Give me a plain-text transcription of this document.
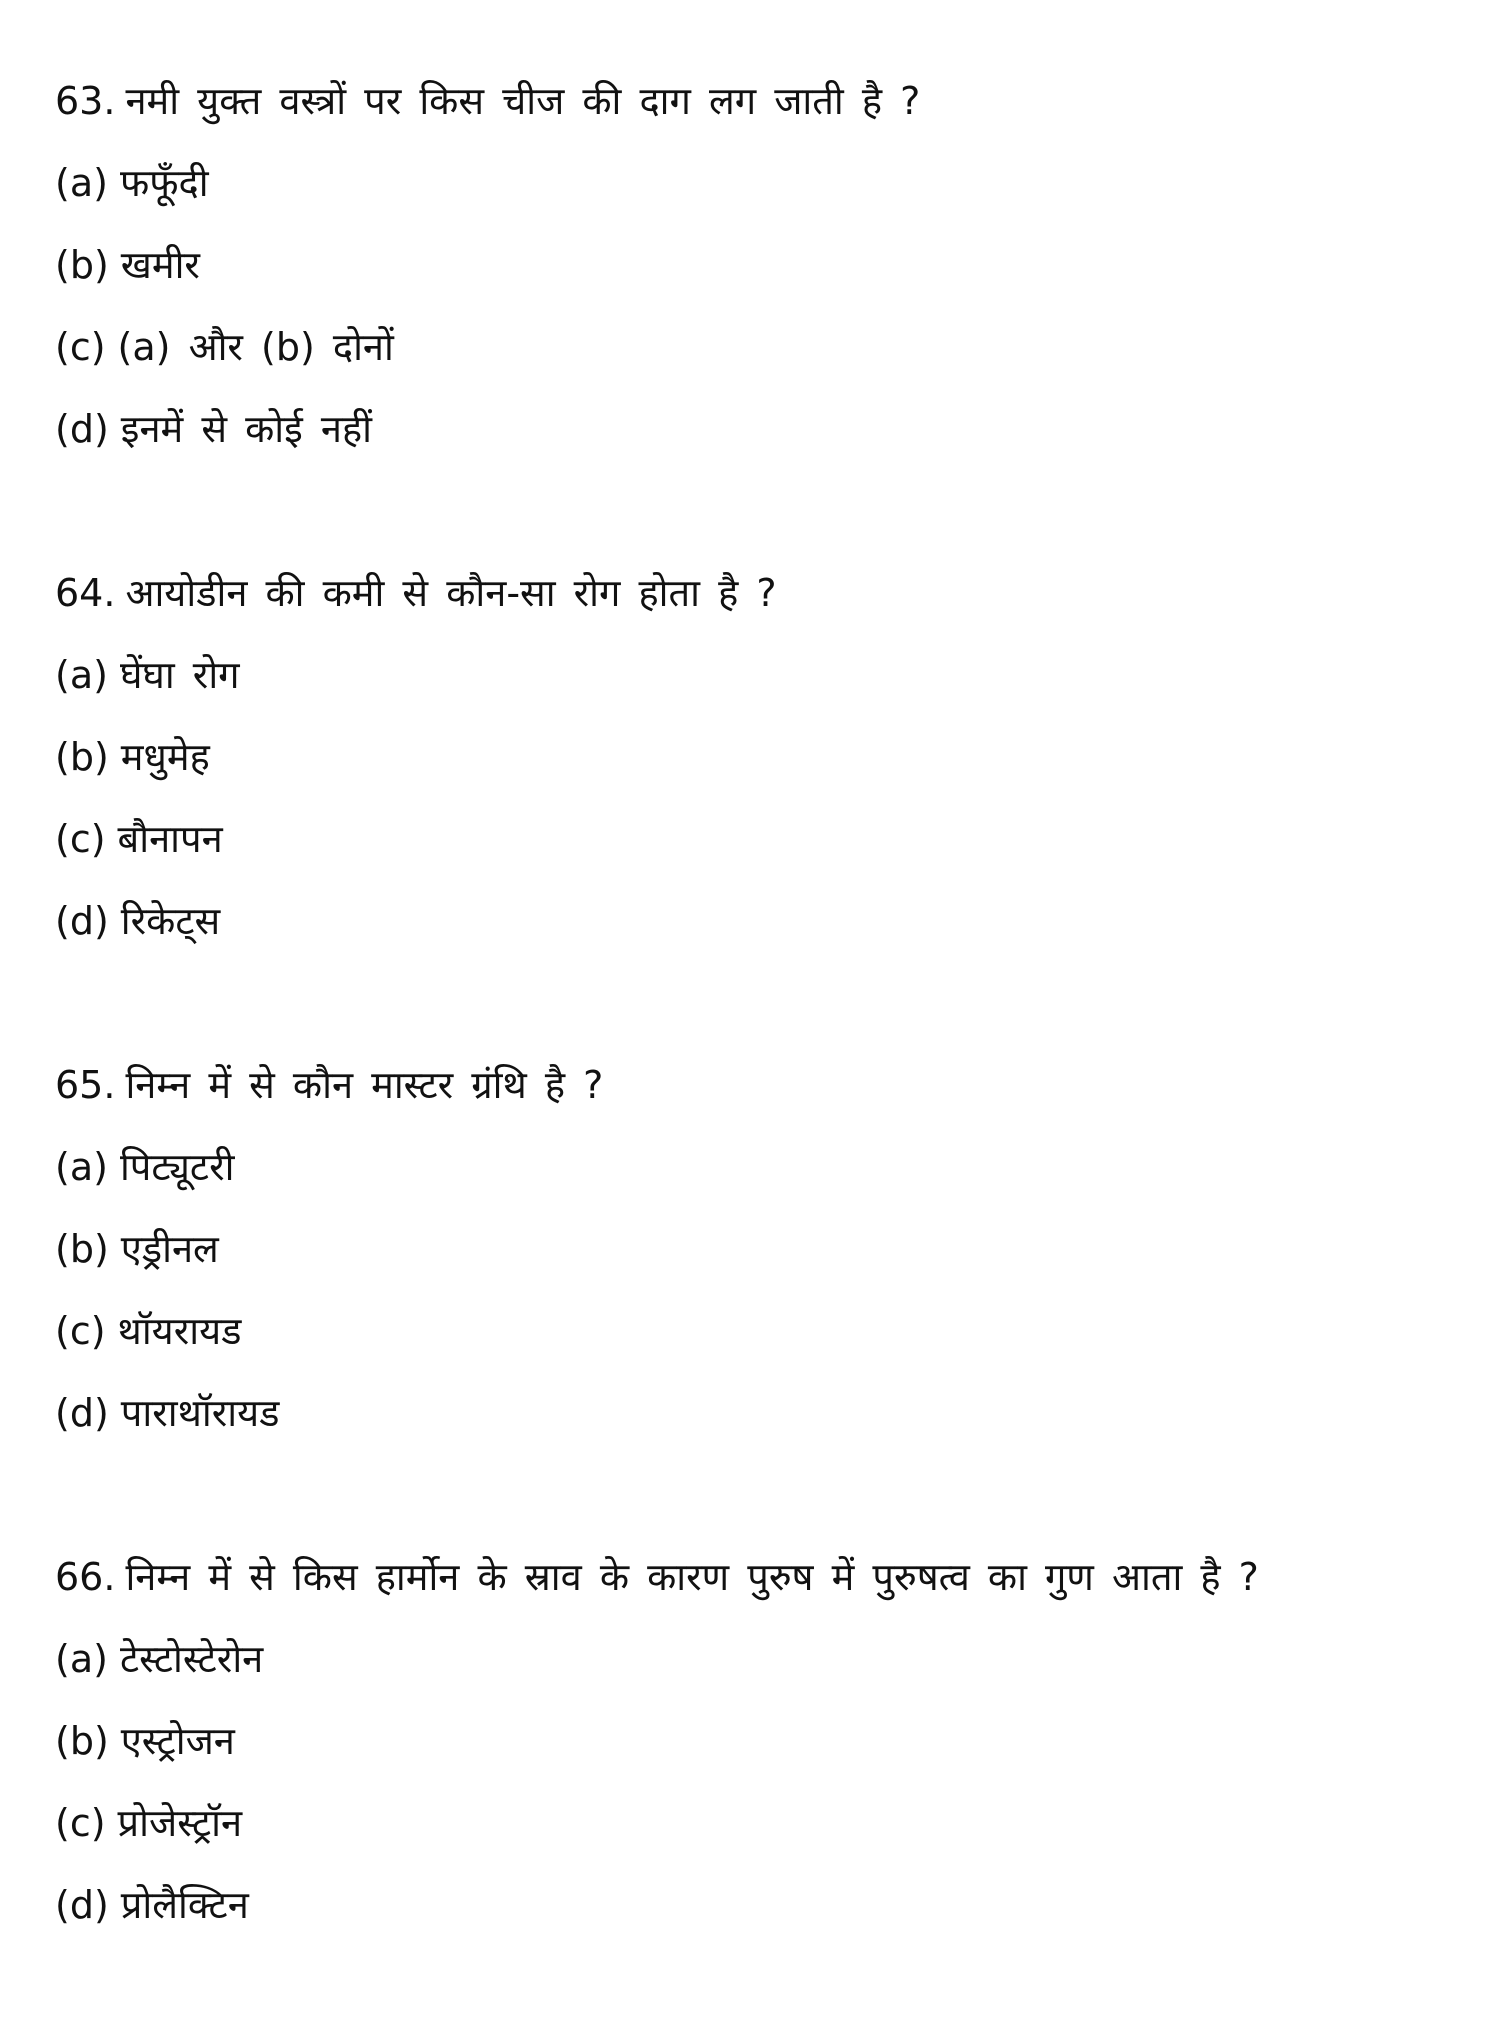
63. नमी युक्त वस्त्रों पर किस चीज की दाग लग जाती है ?
(a) फफूँदी
(b) खमीर
(c) (a) और (b) दोनों
(d) इनमें से कोई नहीं
64. आयोडीन की कमी से कौन-सा रोग होता है ?
(a) घेंघा रोग
(b) मधुमेह
(c) बौनापन
(d) रिकेट्स
65. निम्न में से कौन मास्टर ग्रंथि है ?
(a) पिट्यूटरी
(b) एड्रीनल
(c) थॉयरायड
(d) पाराथॉरायड
66. निम्न में से किस हार्मोन के स्राव के कारण पुरुष में पुरुषत्व का गुण आता है ?
(a) टेस्टोस्टेरोन
(b) एस्ट्रोजन
(c) प्रोजेस्ट्रॉन
(d) प्रोलैक्टिन
